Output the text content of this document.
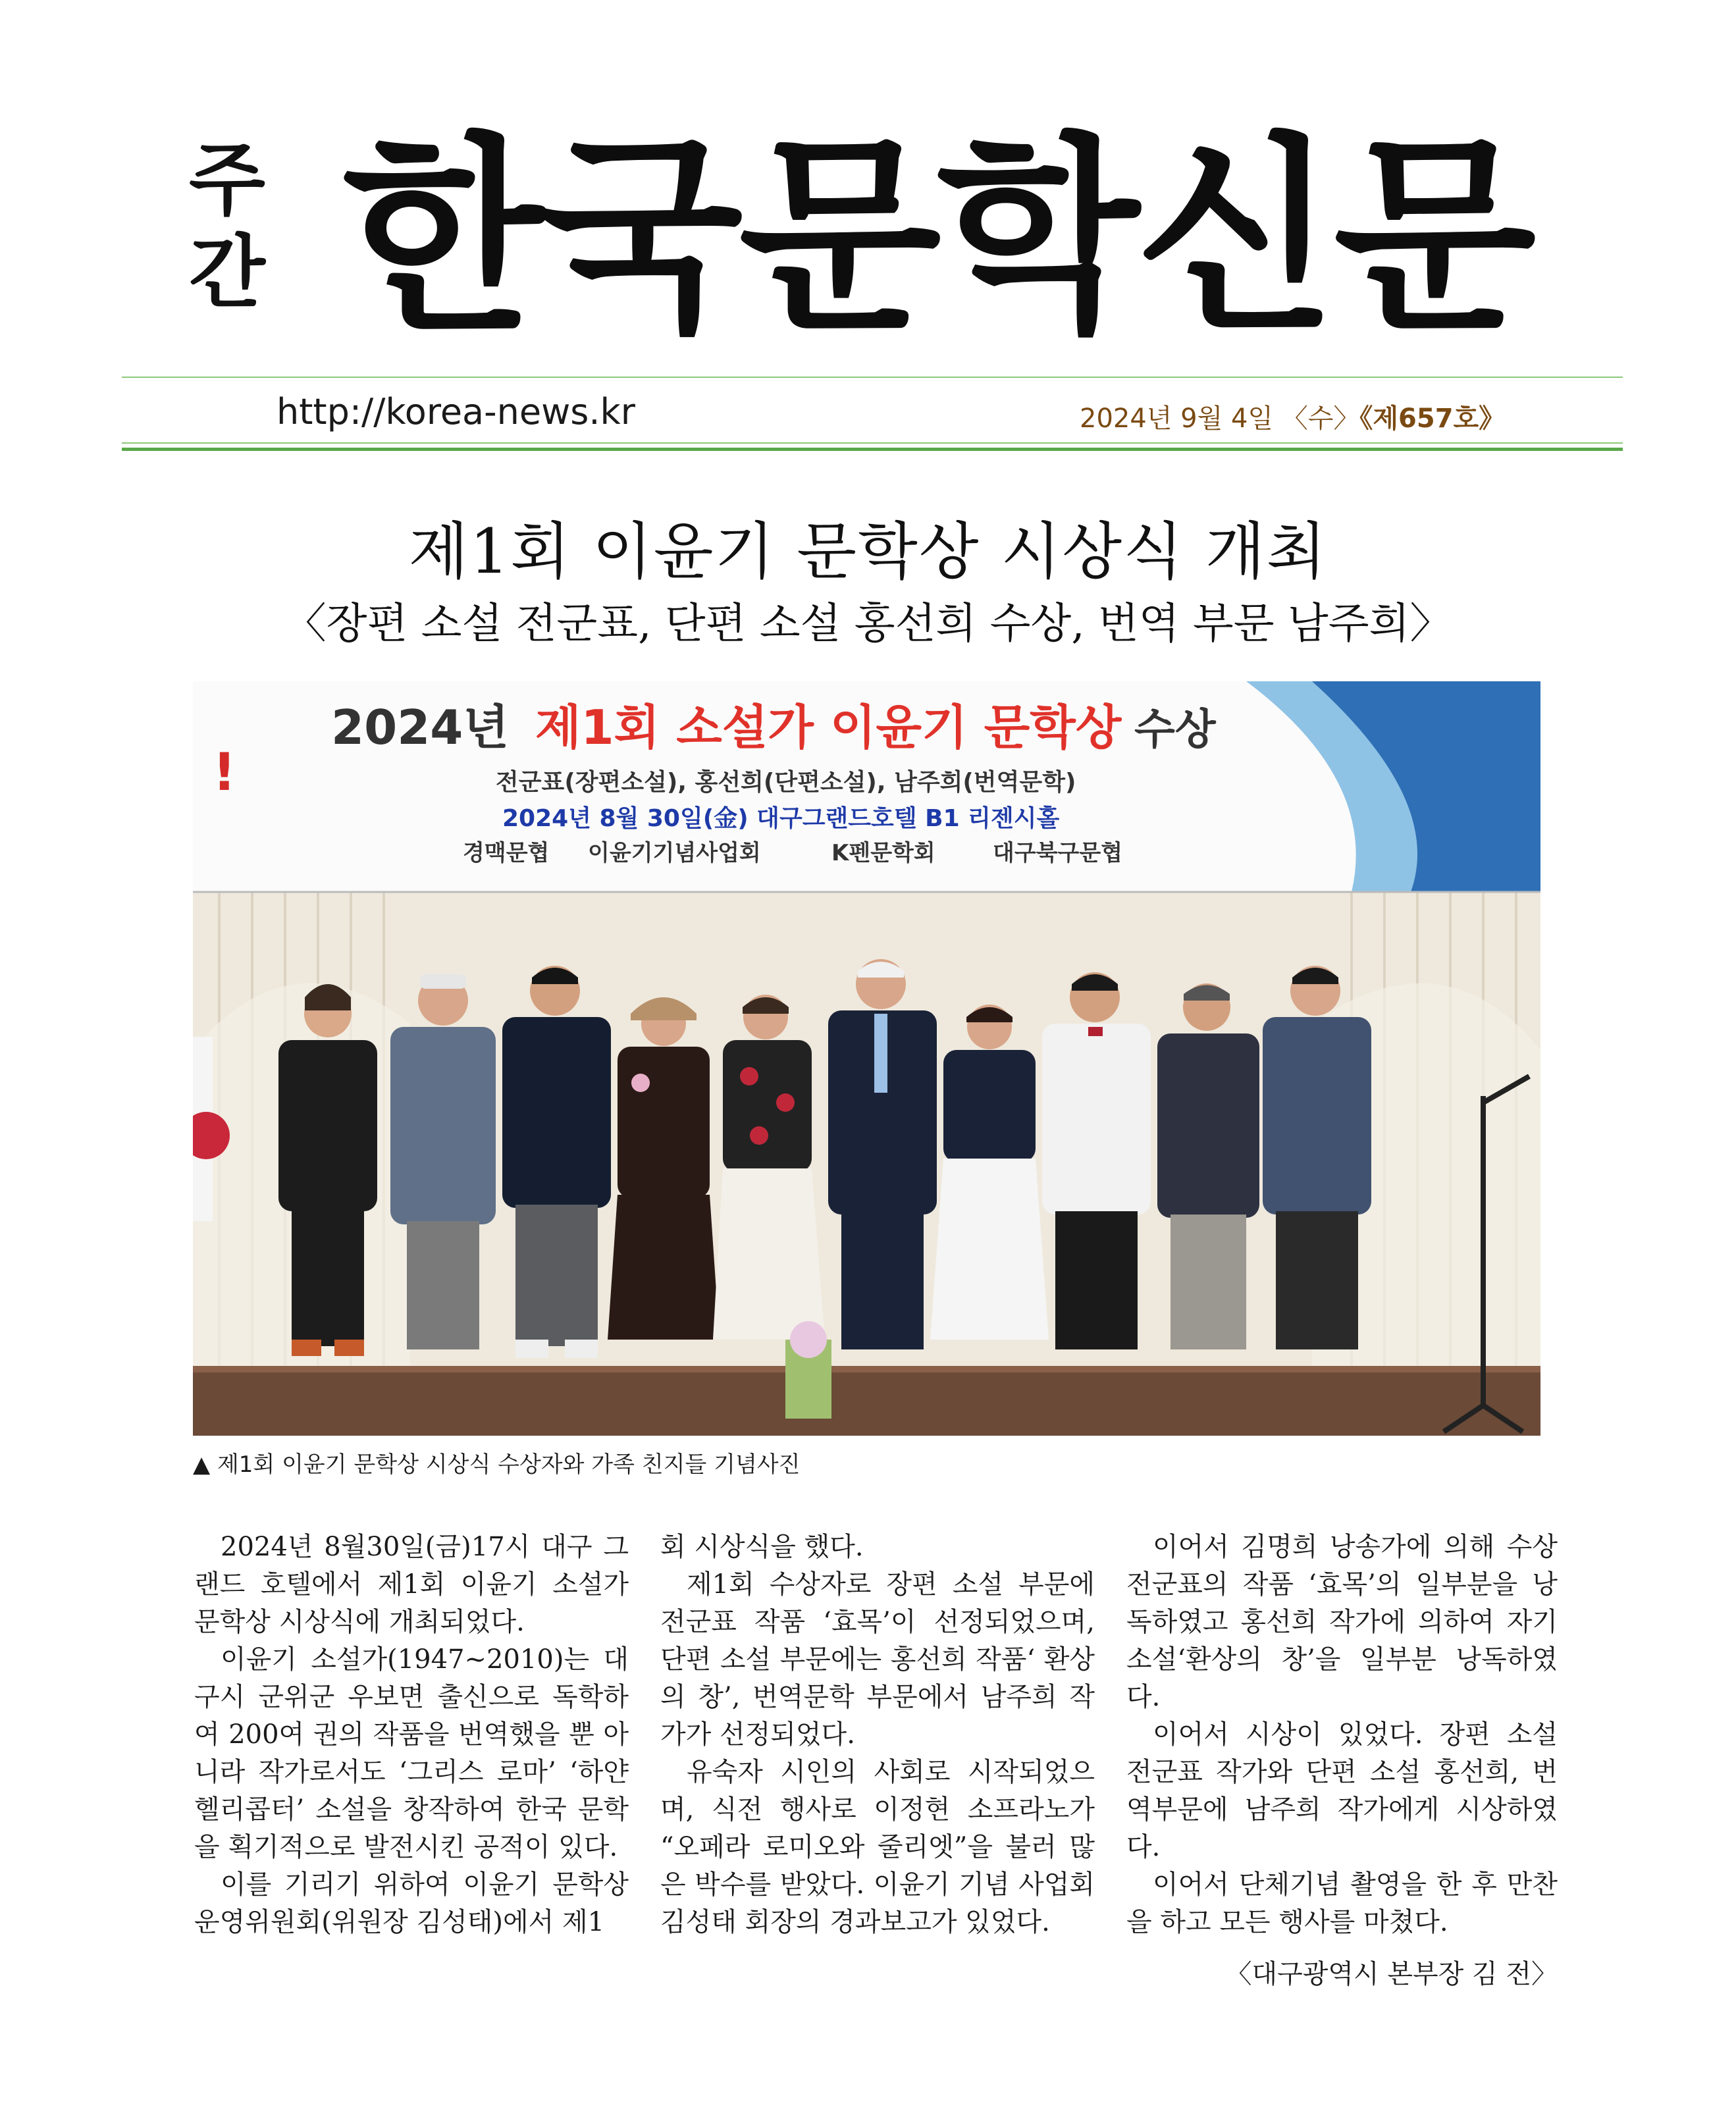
주
간 한국문학신문
http://korea-news.kr	2024년 9월 4일 〈수〉《제657호》
제1회 이윤기 문학상 시상식 개최
〈장편 소설 전군표, 단편 소설 홍선희 수상, 번역 부문 남주희〉
!
2024년 제1회 소설가 이윤기 문학상 수상
전군표(장편소설), 홍선희(단편소설), 남주희(번역문학)
2024년 8월 30일(金) 대구그랜드호텔 B1 리젠시홀
경맥문협 이윤기기념사업회	K펜문학회	대구북구문협
▲ 제1회 이윤기 문학상 시상식 수상자와 가족 친지들 기념사진

2024년 8월30일(금)17시 대구 그랜드 호텔에서 제1회 이윤기 소설가 문학상 시상식에 개최되었다.

이윤기 소설가(1947~2010)는 대구시 군위군 우보면 출신으로 독학하여 200여 권의 작품을 번역했을 뿐 아니라 작가로서도 ‘그리스 로마’ ‘하얀 헬리콥터’ 소설을 창작하여 한국 문학을 획기적으로 발전시킨 공적이 있다.

이를 기리기 위하여 이윤기 문학상 운영위원회(위원장 김성태)에서 제1

회 시상식을 했다.

제1회 수상자로 장편 소설 부문에 전군표 작품 ‘효목’이 선정되었으며, 단편 소설 부문에는 홍선희 작품‘ 환상의 창’, 번역문학 부문에서 남주희 작가가 선정되었다.

유숙자 시인의 사회로 시작되었으며, 식전 행사로 이정현 소프라노가 “오페라 로미오와 줄리엣”을 불러 많은 박수를 받았다. 이윤기 기념 사업회 김성태 회장의 경과보고가 있었다.

이어서 김명희 낭송가에 의해 수상 전군표의 작품 ‘효목’의 일부분을 낭독하였고 홍선희 작가에 의하여 자기 소설‘환상의 창’을 일부분 낭독하였다.

이어서 시상이 있었다. 장편 소설 전군표 작가와 단편 소설 홍선희, 번역부문에 남주희 작가에게 시상하였다.

이어서 단체기념 촬영을 한 후 만찬을 하고 모든 행사를 마쳤다.

〈대구광역시 본부장 김 전〉
